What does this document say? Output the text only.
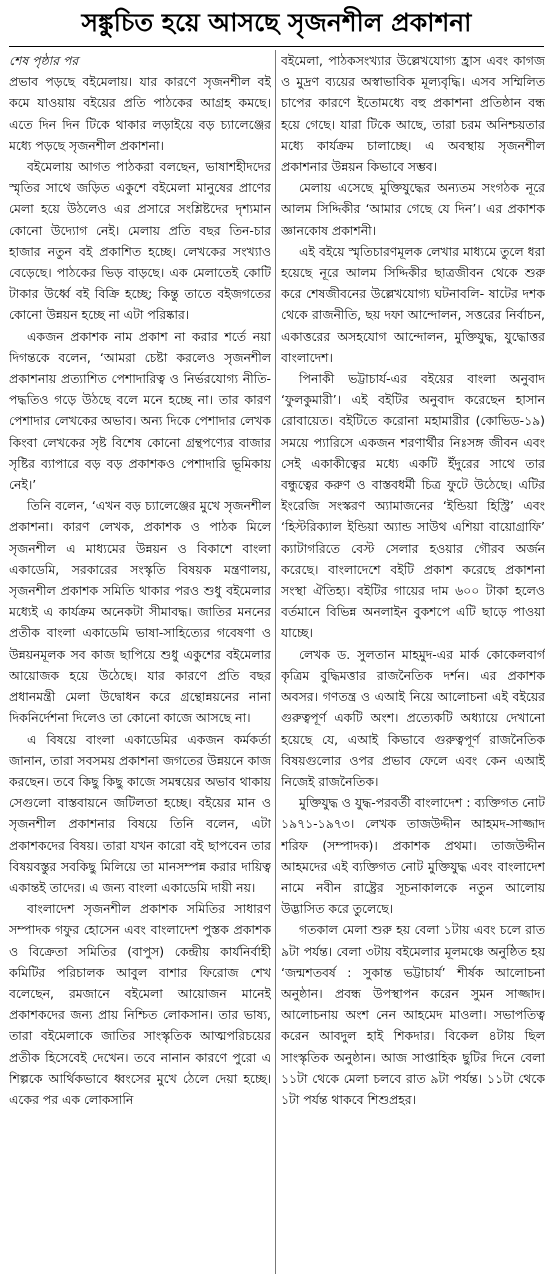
সঙ্কুচিত হয়ে আসছে সৃজনশীল প্রকাশনা

শেষ পৃষ্ঠার পর

প্রভাব পড়ছে বইমেলায়। যার কারণে সৃজনশীল বই কমে যাওয়ায় বইয়ের প্রতি পাঠকের আগ্রহ কমছে। এতে দিন দিন টিকে থাকার লড়াইয়ে বড় চ্যালেঞ্জের মধ্যে পড়ছে সৃজনশীল প্রকাশনা।

বইমেলায় আগত পাঠকরা বলছেন, ভাষাশহীদদের স্মৃতির সাথে জড়িত একুশে বইমেলা মানুষের প্রাণের মেলা হয়ে উঠলেও এর প্রসারে সংশ্লিষ্টদের দৃশ্যমান কোনো উদ্যোগ নেই। মেলায় প্রতি বছর তিন-চার হাজার নতুন বই প্রকাশিত হচ্ছে। লেখকের সংখ্যাও বেড়েছে। পাঠকের ভিড় বাড়ছে। এক মেলাতেই কোটি টাকার উর্ধ্বে বই বিক্রি হচ্ছে; কিন্তু তাতে বইজগতের কোনো উন্নয়ন হচ্ছে না এটা পরিষ্কার।

একজন প্রকাশক নাম প্রকাশ না করার শর্তে নয়া দিগন্তকে বলেন, ‘আমরা চেষ্টা করলেও সৃজনশীল প্রকাশনায় প্রত্যাশিত পেশাদারিত্ব ও নির্ভরযোগ্য নীতি-পদ্ধতিও গড়ে উঠছে বলে মনে হচ্ছে না। তার কারণ পেশাদার লেখকের অভাব। অন্য দিকে পেশাদার লেখক কিংবা লেখকের সৃষ্ট বিশেষ কোনো গ্রন্থপণ্যের বাজার সৃষ্টির ব্যাপারে বড় বড় প্রকাশকও পেশাদারি ভূমিকায় নেই।’

তিনি বলেন, ‘এখন বড় চ্যালেঞ্জের মুখে সৃজনশীল প্রকাশনা। কারণ লেখক, প্রকাশক ও পাঠক মিলে সৃজনশীল এ মাধ্যমের উন্নয়ন ও বিকাশে বাংলা একাডেমি, সরকারের সংস্কৃতি বিষয়ক মন্ত্রণালয়, সৃজনশীল প্রকাশক সমিতি থাকার পরও শুধু বইমেলার মধ্যেই এ কার্যক্রম অনেকটা সীমাবদ্ধ। জাতির মননের প্রতীক বাংলা একাডেমি ভাষা-সাহিত্যের গবেষণা ও উন্নয়নমূলক সব কাজ ছাপিয়ে শুধু একুশের বইমেলার আয়োজক হয়ে উঠেছে। যার কারণে প্রতি বছর প্রধানমন্ত্রী মেলা উদ্বোধন করে গ্রন্থোন্নয়নের নানা দিকনির্দেশনা দিলেও তা কোনো কাজে আসছে না।

এ বিষয়ে বাংলা একাডেমির একজন কর্মকর্তা জানান, তারা সবসময় প্রকাশনা জগতের উন্নয়নে কাজ করছেন। তবে কিছু কিছু কাজে সমন্বয়ের অভাব থাকায় সেগুলো বাস্তবায়নে জটিলতা হচ্ছে। বইয়ের মান ও সৃজনশীল প্রকাশনার বিষয়ে তিনি বলেন, এটা প্রকাশকদের বিষয়। তারা যখন কারো বই ছাপবেন তার বিষয়বস্তুর সবকিছু মিলিয়ে তা মানসম্পন্ন করার দায়িত্ব একান্তই তাদের। এ জন্য বাংলা একাডেমি দায়ী নয়।

বাংলাদেশ সৃজনশীল প্রকাশক সমিতির সাধারণ সম্পাদক গফুর হোসেন এবং বাংলাদেশ পুস্তক প্রকাশক ও বিক্রেতা সমিতির (বাপুস) কেন্দ্রীয় কার্যনির্বাহী কমিটির পরিচালক আবুল বাশার ফিরোজ শেখ বলেছেন, রমজানে বইমেলা আয়োজন মানেই প্রকাশকদের জন্য প্রায় নিশ্চিত লোকসান। তার ভাষ্য, তারা বইমেলাকে জাতির সাংস্কৃতিক আত্মপরিচয়ের প্রতীক হিসেবেই দেখেন। তবে নানান কারণে পুরো এ শিল্পকে আর্থিকভাবে ধ্বংসের মুখে ঠেলে দেয়া হচ্ছে। একের পর এক লোকসানি

বইমেলা, পাঠকসংখ্যার উল্লেখযোগ্য হ্রাস এবং কাগজ ও মুদ্রণ ব্যয়ের অস্বাভাবিক মূল্যবৃদ্ধি। এসব সম্মিলিত চাপের কারণে ইতোমধ্যে বহু প্রকাশনা প্রতিষ্ঠান বন্ধ হয়ে গেছে। যারা টিকে আছে, তারা চরম অনিশ্চয়তার মধ্যে কার্যক্রম চালাচ্ছে। এ অবস্থায় সৃজনশীল প্রকাশনার উন্নয়ন কিভাবে সম্ভব।

মেলায় এসেছে মুক্তিযুদ্ধের অন্যতম সংগঠক নূরে আলম সিদ্দিকীর ‘আমার গেছে যে দিন’। এর প্রকাশক জ্ঞানকোষ প্রকাশনী।

এই বইয়ে স্মৃতিচারণমূলক লেখার মাধ্যমে তুলে ধরা হয়েছে নূরে আলম সিদ্দিকীর ছাত্রজীবন থেকে শুরু করে শেষজীবনের উল্লেখযোগ্য ঘটনাবলি- ষাটের দশক থেকে রাজনীতি, ছয় দফা আন্দোলন, সত্তরের নির্বাচন, একাত্তরের অসহযোগ আন্দোলন, মুক্তিযুদ্ধ, যুদ্ধোত্তর বাংলাদেশ।

পিনাকী ভট্টাচার্য-এর বইয়ের বাংলা অনুবাদ ‘ফুলকুমারী’। এই বইটির অনুবাদ করেছেন হাসান রোবায়েত। বইটিতে করোনা মহামারীর (কোভিড-১৯) সময়ে প্যারিসে একজন শরণার্থীর নিঃসঙ্গ জীবন এবং সেই একাকীত্বের মধ্যে একটি ইঁদুরের সাথে তার বন্ধুত্বের করুণ ও বাস্তবধর্মী চিত্র ফুটে উঠেছে। এটির ইংরেজি সংস্করণ অ্যামাজনের ‘ইন্ডিয়া হিস্ট্রি’ এবং ‘হিস্টরিক্যাল ইন্ডিয়া অ্যান্ড সাউথ এশিয়া বায়োগ্রাফি’ ক্যাটাগরিতে বেস্ট সেলার হওয়ার গৌরব অর্জন করেছে। বাংলাদেশে বইটি প্রকাশ করেছে প্রকাশনা সংস্থা ঐতিহ্য। বইটির গায়ের দাম ৬০০ টাকা হলেও বর্তমানে বিভিন্ন অনলাইন বুকশপে এটি ছাড়ে পাওয়া যাচ্ছে।

লেখক ড. সুলতান মাহমুদ-এর মার্ক কোকেলবার্গ কৃত্রিম বুদ্ধিমত্তার রাজনৈতিক দর্শন। এর প্রকাশক অবসর। গণতন্ত্র ও এআই নিয়ে আলোচনা এই বইয়ের গুরুত্বপূর্ণ একটি অংশ। প্রত্যেকটি অধ্যায়ে দেখানো হয়েছে যে, এআই কিভাবে গুরুত্বপূর্ণ রাজনৈতিক বিষয়গুলোর ওপর প্রভাব ফেলে এবং কেন এআই নিজেই রাজনৈতিক।

মুক্তিযুদ্ধ ও যুদ্ধ-পরবর্তী বাংলাদেশ : ব্যক্তিগত নোট ১৯৭১-১৯৭৩। লেখক তাজউদ্দীন আহমদ-সাজ্জাদ শরিফ (সম্পাদক)। প্রকাশক প্রথমা। তাজউদ্দীন আহমদের এই ব্যক্তিগত নোট মুক্তিযুদ্ধ এবং বাংলাদেশ নামে নবীন রাষ্ট্রের সূচনাকালকে নতুন আলোয় উদ্ভাসিত করে তুলেছে।

গতকাল মেলা শুরু হয় বেলা ১টায় এবং চলে রাত ৯টা পর্যন্ত। বেলা ৩টায় বইমেলার মূলমঞ্চে অনুষ্ঠিত হয় ‘জন্মশতবর্ষ : সুকান্ত ভট্টাচার্য’ শীর্ষক আলোচনা অনুষ্ঠান। প্রবন্ধ উপস্থাপন করেন সুমন সাজ্জাদ। আলোচনায় অংশ নেন আহমেদ মাওলা। সভাপতিত্ব করেন আবদুল হাই শিকদার। বিকেল ৪টায় ছিল সাংস্কৃতিক অনুষ্ঠান। আজ সাপ্তাহিক ছুটির দিনে বেলা ১১টা থেকে মেলা চলবে রাত ৯টা পর্যন্ত। ১১টা থেকে ১টা পর্যন্ত থাকবে শিশুপ্রহর।
